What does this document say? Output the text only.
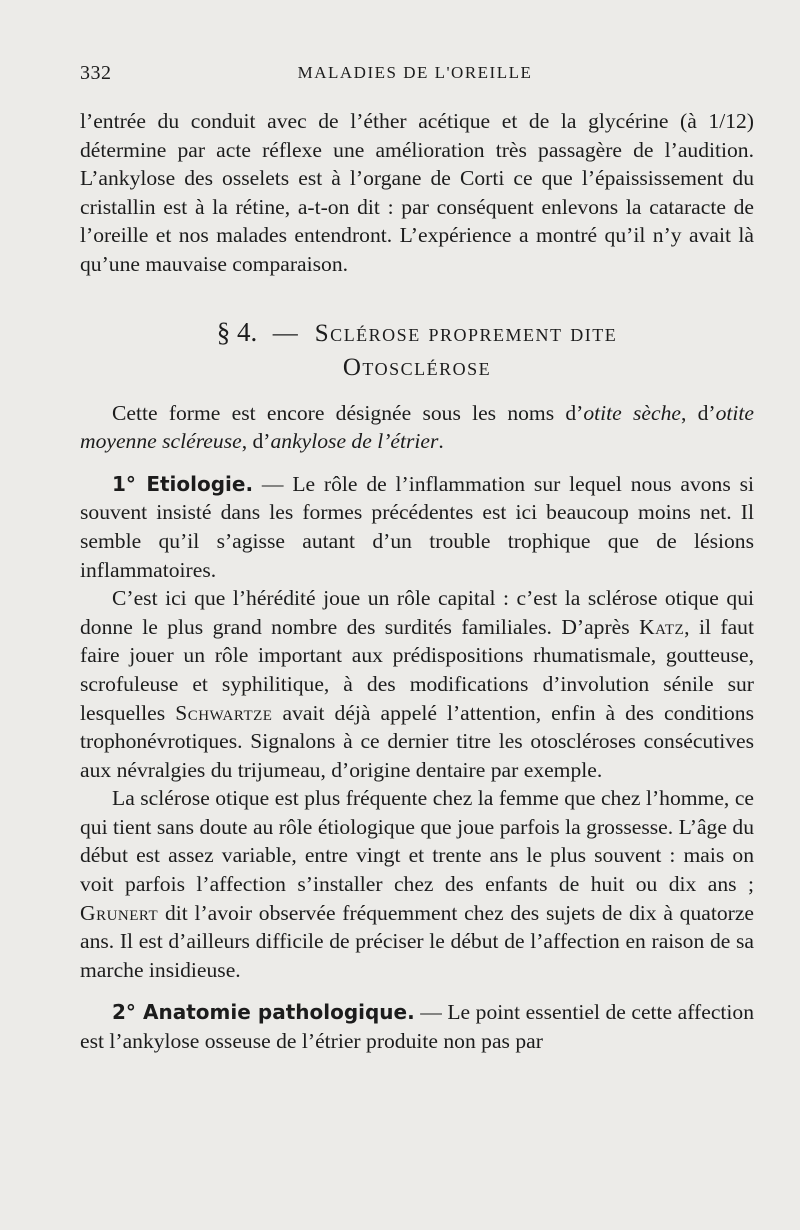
332	MALADIES DE L'OREILLE

l’entrée du conduit avec de l’éther acétique et de la glycérine (à 1/12) détermine par acte réflexe une amélioration très passagère de l’audition. L’ankylose des osselets est à l’organe de Corti ce que l’épaississement du cristallin est à la rétine, a-t-on dit : par conséquent enlevons la cataracte de l’oreille et nos malades entendront. L’expérience a montré qu’il n’y avait là qu’une mauvaise comparaison.

§ 4. — Sclérose proprement dite
Otosclérose

Cette forme est encore désignée sous les noms d’otite sèche, d’otite moyenne scléreuse, d’ankylose de l’étrier.

1° Etiologie. — Le rôle de l’inflammation sur lequel nous avons si souvent insisté dans les formes précédentes est ici beaucoup moins net. Il semble qu’il s’agisse autant d’un trouble trophique que de lésions inflammatoires.

C’est ici que l’hérédité joue un rôle capital : c’est la sclérose otique qui donne le plus grand nombre des surdités familiales. D’après Katz, il faut faire jouer un rôle important aux prédispositions rhumatismale, goutteuse, scrofuleuse et syphilitique, à des modifications d’involution sénile sur lesquelles Schwartze avait déjà appelé l’attention, enfin à des conditions trophonévrotiques. Signalons à ce dernier titre les otoscléroses consécutives aux névralgies du trijumeau, d’origine dentaire par exemple.

La sclérose otique est plus fréquente chez la femme que chez l’homme, ce qui tient sans doute au rôle étiologique que joue parfois la grossesse. L’âge du début est assez variable, entre vingt et trente ans le plus souvent : mais on voit parfois l’affection s’installer chez des enfants de huit ou dix ans ; Grunert dit l’avoir observée fréquemment chez des sujets de dix à quatorze ans. Il est d’ailleurs difficile de préciser le début de l’affection en raison de sa marche insidieuse.

2° Anatomie pathologique. — Le point essentiel de cette affection est l’ankylose osseuse de l’étrier produite non pas par
